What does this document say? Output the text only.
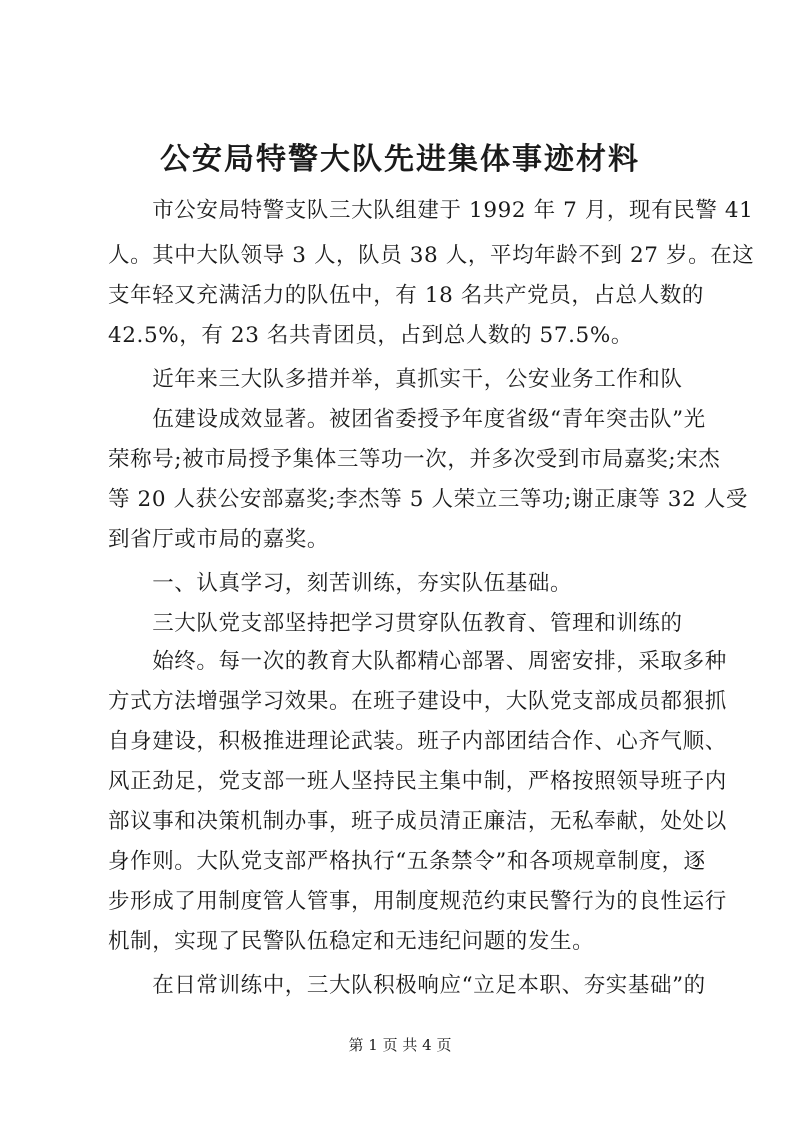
公安局特警大队先进集体事迹材料
　　市公安局特警支队三大队组建于 1992 年 7 月，现有民警 41
人。其中大队领导 3 人，队员 38 人，平均年龄不到 27 岁。在这
支年轻又充满活力的队伍中，有 18 名共产党员，占总人数的
42.5%，有 23 名共青团员，占到总人数的 57.5%。
　　近年来三大队多措并举，真抓实干，公安业务工作和队
　　伍建设成效显著。被团省委授予年度省级“青年突击队”光
荣称号;被市局授予集体三等功一次，并多次受到市局嘉奖;宋杰
等 20 人获公安部嘉奖;李杰等 5 人荣立三等功;谢正康等 32 人受
到省厅或市局的嘉奖。
　　一、认真学习，刻苦训练，夯实队伍基础。
　　三大队党支部坚持把学习贯穿队伍教育、管理和训练的
　　始终。每一次的教育大队都精心部署、周密安排，采取多种
方式方法增强学习效果。在班子建设中，大队党支部成员都狠抓
自身建设，积极推进理论武装。班子内部团结合作、心齐气顺、
风正劲足，党支部一班人坚持民主集中制，严格按照领导班子内
部议事和决策机制办事，班子成员清正廉洁，无私奉献，处处以
身作则。大队党支部严格执行“五条禁令”和各项规章制度，逐
步形成了用制度管人管事，用制度规范约束民警行为的良性运行
机制，实现了民警队伍稳定和无违纪问题的发生。
　　在日常训练中，三大队积极响应“立足本职、夯实基础”的
第 1 页 共 4 页
